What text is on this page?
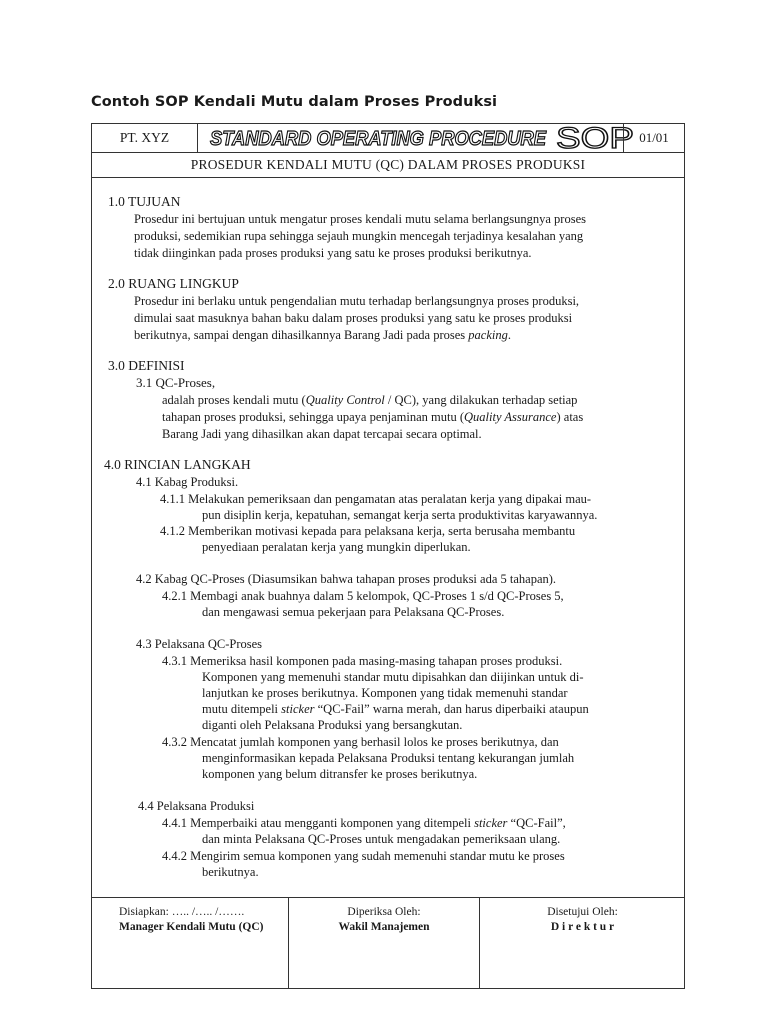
Contoh SOP Kendali Mutu dalam Proses Produksi
PT. XYZ	STANDARD OPERATING PROCEDURE SOP 01/01
PROSEDUR KENDALI MUTU (QC) DALAM PROSES PRODUKSI
1.0 TUJUAN
Prosedur ini bertujuan untuk mengatur proses kendali mutu selama berlangsungnya proses
produksi, sedemikian rupa sehingga sejauh mungkin mencegah terjadinya kesalahan yang
tidak diinginkan pada proses produksi yang satu ke proses produksi berikutnya.
2.0 RUANG LINGKUP
Prosedur ini berlaku untuk pengendalian mutu terhadap berlangsungnya proses produksi,
dimulai saat masuknya bahan baku dalam proses produksi yang satu ke proses produksi
berikutnya, sampai dengan dihasilkannya Barang Jadi pada proses packing.
3.0 DEFINISI
3.1 QC-Proses,
adalah proses kendali mutu (Quality Control / QC), yang dilakukan terhadap setiap
tahapan proses produksi, sehingga upaya penjaminan mutu (Quality Assurance) atas
Barang Jadi yang dihasilkan akan dapat tercapai secara optimal.
4.0 RINCIAN LANGKAH
4.1 Kabag Produksi.
4.1.1 Melakukan pemeriksaan dan pengamatan atas peralatan kerja yang dipakai mau-
pun disiplin kerja, kepatuhan, semangat kerja serta produktivitas karyawannya.
4.1.2 Memberikan motivasi kepada para pelaksana kerja, serta berusaha membantu
penyediaan peralatan kerja yang mungkin diperlukan.
4.2 Kabag QC-Proses (Diasumsikan bahwa tahapan proses produksi ada 5 tahapan).
4.2.1 Membagi anak buahnya dalam 5 kelompok, QC-Proses 1 s/d QC-Proses 5,
dan mengawasi semua pekerjaan para Pelaksana QC-Proses.
4.3 Pelaksana QC-Proses
4.3.1 Memeriksa hasil komponen pada masing-masing tahapan proses produksi.
Komponen yang memenuhi standar mutu dipisahkan dan diijinkan untuk di-
lanjutkan ke proses berikutnya. Komponen yang tidak memenuhi standar
mutu ditempeli sticker “QC-Fail” warna merah, dan harus diperbaiki ataupun
diganti oleh Pelaksana Produksi yang bersangkutan.
4.3.2 Mencatat jumlah komponen yang berhasil lolos ke proses berikutnya, dan
menginformasikan kepada Pelaksana Produksi tentang kekurangan jumlah
komponen yang belum ditransfer ke proses berikutnya.
4.4 Pelaksana Produksi
4.4.1 Memperbaiki atau mengganti komponen yang ditempeli sticker “QC-Fail”,
dan minta Pelaksana QC-Proses untuk mengadakan pemeriksaan ulang.
4.4.2 Mengirim semua komponen yang sudah memenuhi standar mutu ke proses
berikutnya.
Disiapkan: ….. /….. /…….
Manager Kendali Mutu (QC)
Diperiksa Oleh:
Wakil Manajemen
Disetujui Oleh:
D i r e k t u r
